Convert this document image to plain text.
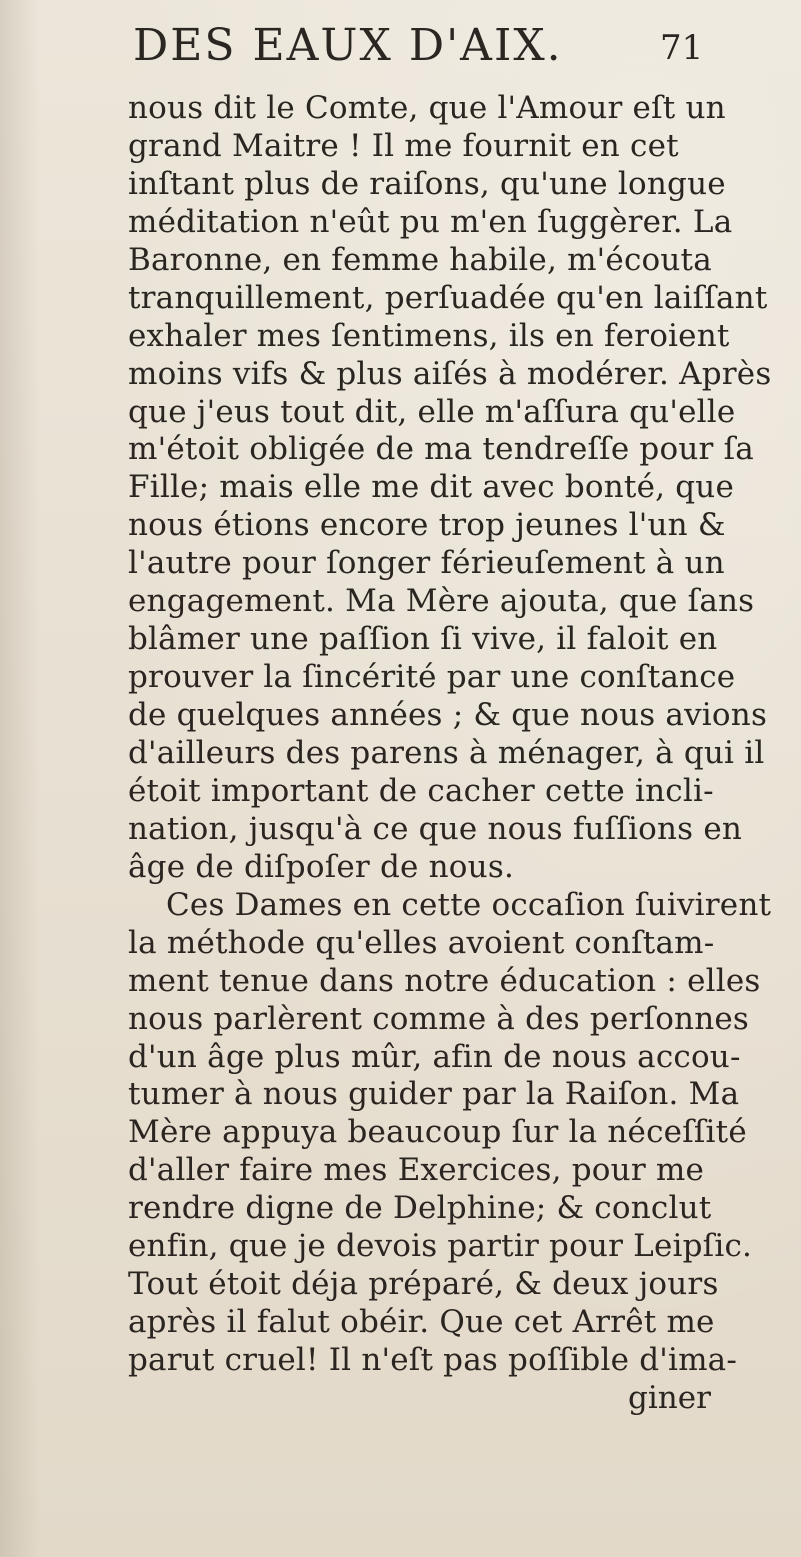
DES EAUX D'AIX.	71
nous dit le Comte, que l'Amour eſt un
grand Maitre ! Il me fournit en cet
inſtant plus de raiſons, qu'une longue
méditation n'eût pu m'en ſuggèrer. La
Baronne, en femme habile, m'écouta
tranquillement, perſuadée qu'en laiſſant
exhaler mes ſentimens, ils en feroient
moins vifs & plus aiſés à modérer. Après
que j'eus tout dit, elle m'aſſura qu'elle
m'étoit obligée de ma tendreſſe pour ſa
Fille; mais elle me dit avec bonté, que
nous étions encore trop jeunes l'un &
l'autre pour ſonger férieuſement à un
engagement. Ma Mère ajouta, que ſans
blâmer une paſſion ſi vive, il faloit en
prouver la ſincérité par une conſtance
de quelques années ; & que nous avions
d'ailleurs des parens à ménager, à qui il
étoit important de cacher cette incli-
nation, jusqu'à ce que nous fuſſions en
âge de diſpoſer de nous.
Ces Dames en cette occaſion ſuivirent
la méthode qu'elles avoient conſtam-
ment tenue dans notre éducation : elles
nous parlèrent comme à des perſonnes
d'un âge plus mûr, afin de nous accou-
tumer à nous guider par la Raiſon. Ma
Mère appuya beaucoup ſur la néceſſité
d'aller faire mes Exercices, pour me
rendre digne de Delphine; & conclut
enfin, que je devois partir pour Leipſic.
Tout étoit déja préparé, & deux jours
après il falut obéir. Que cet Arrêt me
parut cruel! Il n'eſt pas poſſible d'ima-
giner
